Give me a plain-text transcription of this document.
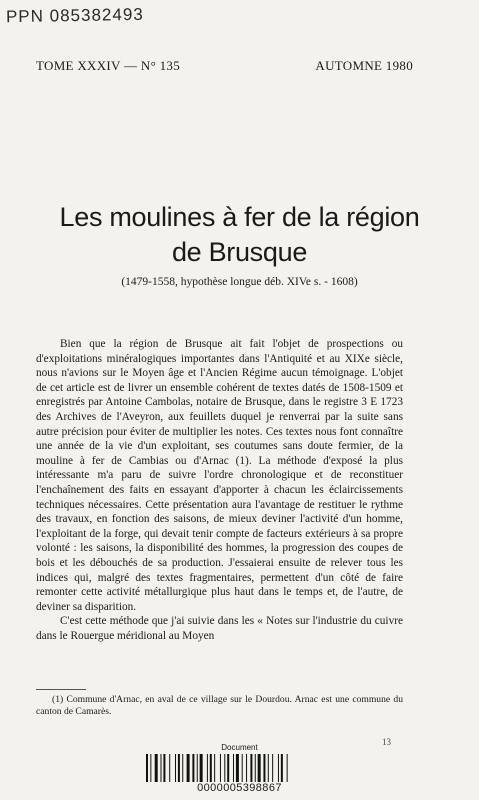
PPN 085382493
TOME XXXIV — N° 135	AUTOMNE 1980
Les moulines à fer de la région
de Brusque
(1479-1558, hypothèse longue déb. XIVe s. - 1608)

Bien que la région de Brusque ait fait l'objet de prospections ou d'exploitations minéralogiques importantes dans l'Antiquité et au XIXe siècle, nous n'avions sur le Moyen âge et l'Ancien Régime aucun témoignage. L'objet de cet article est de livrer un ensemble cohérent de textes datés de 1508-1509 et enregistrés par Antoine Cambolas, notaire de Brusque, dans le registre 3 E 1723 des Archives de l'Aveyron, aux feuillets duquel je renverrai par la suite sans autre précision pour éviter de multiplier les notes. Ces textes nous font connaître une année de la vie d'un exploitant, ses coutumes sans doute fermier, de la mouline à fer de Cambias ou d'Arnac (1). La méthode d'exposé la plus intéressante m'a paru de suivre l'ordre chronologique et de reconstituer l'enchaînement des faits en essayant d'apporter à chacun les éclaircissements techniques nécessaires. Cette présentation aura l'avantage de restituer le rythme des travaux, en fonction des saisons, de mieux deviner l'activité d'un homme, l'exploitant de la forge, qui devait tenir compte de facteurs extérieurs à sa propre volonté : les saisons, la disponibilité des hommes, la progression des coupes de bois et les débouchés de sa production. J'essaierai ensuite de relever tous les indices qui, malgré des textes fragmentaires, permettent d'un côté de faire remonter cette activité métallurgique plus haut dans le temps et, de l'autre, de deviner sa disparition.

C'est cette méthode que j'ai suivie dans les « Notes sur l'industrie du cuivre dans le Rouergue méridional au Moyen

(1) Commune d'Arnac, en aval de ce village sur le Dourdou. Arnac est une commune du canton de Camarès.

13
Document
0000005398867
